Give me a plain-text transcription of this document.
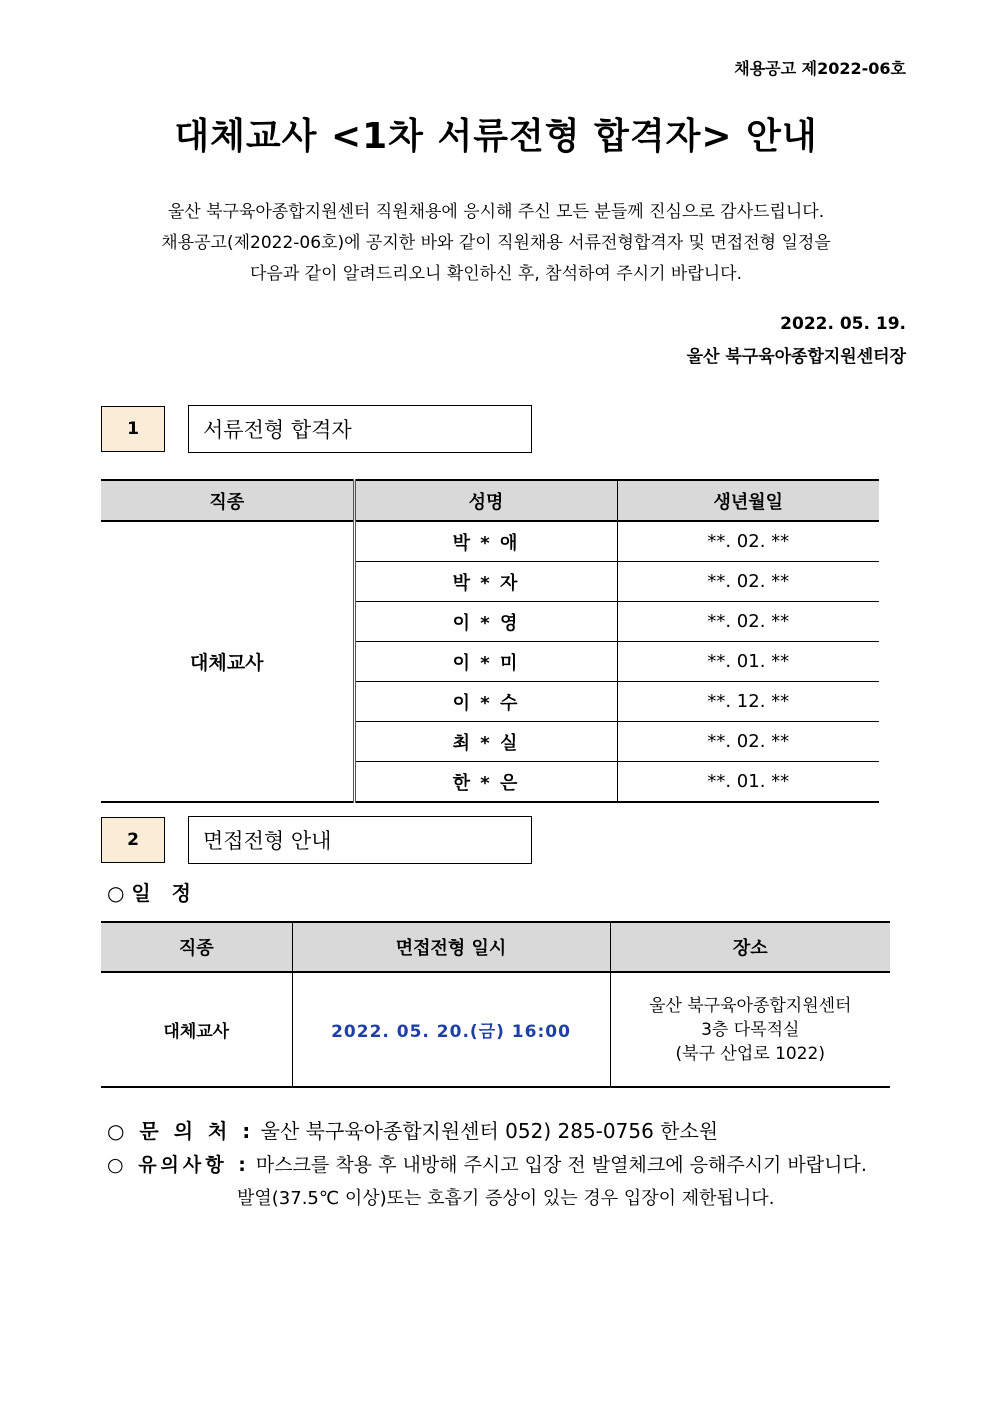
채용공고 제2022-06호
대체교사 <1차 서류전형 합격자> 안내
울산 북구육아종합지원센터 직원채용에 응시해 주신 모든 분들께 진심으로 감사드립니다.
채용공고(제2022-06호)에 공지한 바와 같이 직원채용 서류전형합격자 및 면접전형 일정을
다음과 같이 알려드리오니 확인하신 후, 참석하여 주시기 바랍니다.
2022. 05. 19.
울산 북구육아종합지원센터장
1	서류전형 합격자
직종	성명	생년월일
대체교사	박 * 애	**. 02. **
	박 * 자	**. 02. **
	이 * 영	**. 02. **
	이 * 미	**. 01. **
	이 * 수	**. 12. **
	최 * 실	**. 02. **
	한 * 은	**. 01. **
2	면접전형 안내
○ 일   정
직종	면접전형 일시	장소
대체교사	2022. 05. 20.(금) 16:00	울산 북구육아종합지원센터
3층 다목적실
(북구 산업로 1022)
○ 문 의 처 : 울산 북구육아종합지원센터 052) 285-0756 한소원
○ 유의사항 : 마스크를 착용 후 내방해 주시고 입장 전 발열체크에 응해주시기 바랍니다.
발열(37.5℃ 이상)또는 호흡기 증상이 있는 경우 입장이 제한됩니다.
